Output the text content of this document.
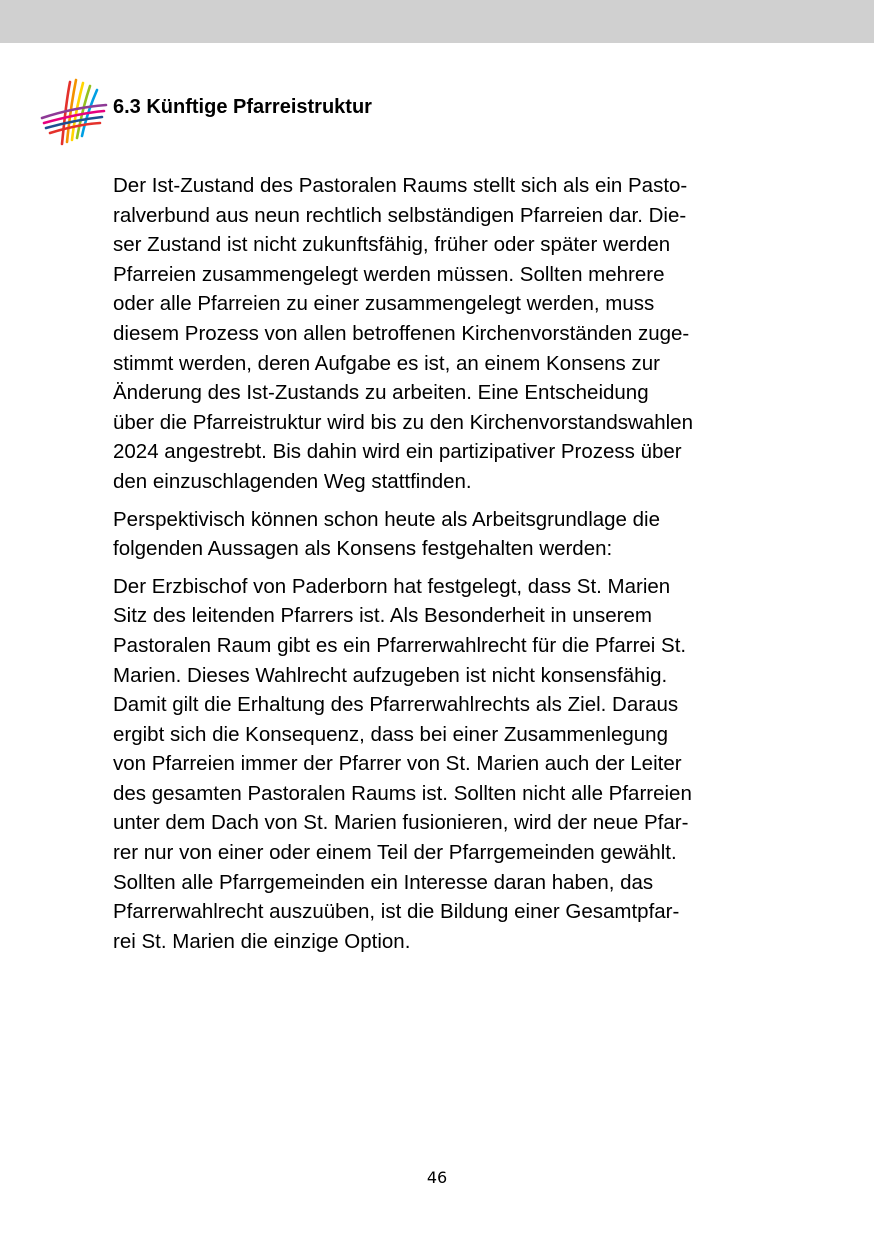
6.3 Künftige Pfarreistruktur

Der Ist-Zustand des Pastoralen Raums stellt sich als ein Pasto-
ralverbund aus neun rechtlich selbständigen Pfarreien dar. Die-
ser Zustand ist nicht zukunftsfähig, früher oder später werden
Pfarreien zusammengelegt werden müssen. Sollten mehrere
oder alle Pfarreien zu einer zusammengelegt werden, muss
diesem Prozess von allen betroffenen Kirchenvorständen zuge-
stimmt werden, deren Aufgabe es ist, an einem Konsens zur
Änderung des Ist-Zustands zu arbeiten. Eine Entscheidung
über die Pfarreistruktur wird bis zu den Kirchenvorstandswahlen
2024 angestrebt. Bis dahin wird ein partizipativer Prozess über
den einzuschlagenden Weg stattfinden.

Perspektivisch können schon heute als Arbeitsgrundlage die
folgenden Aussagen als Konsens festgehalten werden:

Der Erzbischof von Paderborn hat festgelegt, dass St. Marien
Sitz des leitenden Pfarrers ist. Als Besonderheit in unserem
Pastoralen Raum gibt es ein Pfarrerwahlrecht für die Pfarrei St.
Marien. Dieses Wahlrecht aufzugeben ist nicht konsensfähig.
Damit gilt die Erhaltung des Pfarrerwahlrechts als Ziel. Daraus
ergibt sich die Konsequenz, dass bei einer Zusammenlegung
von Pfarreien immer der Pfarrer von St. Marien auch der Leiter
des gesamten Pastoralen Raums ist. Sollten nicht alle Pfarreien
unter dem Dach von St. Marien fusionieren, wird der neue Pfar-
rer nur von einer oder einem Teil der Pfarrgemeinden gewählt.
Sollten alle Pfarrgemeinden ein Interesse daran haben, das
Pfarrerwahlrecht auszuüben, ist die Bildung einer Gesamtpfar-
rei St. Marien die einzige Option.

46
